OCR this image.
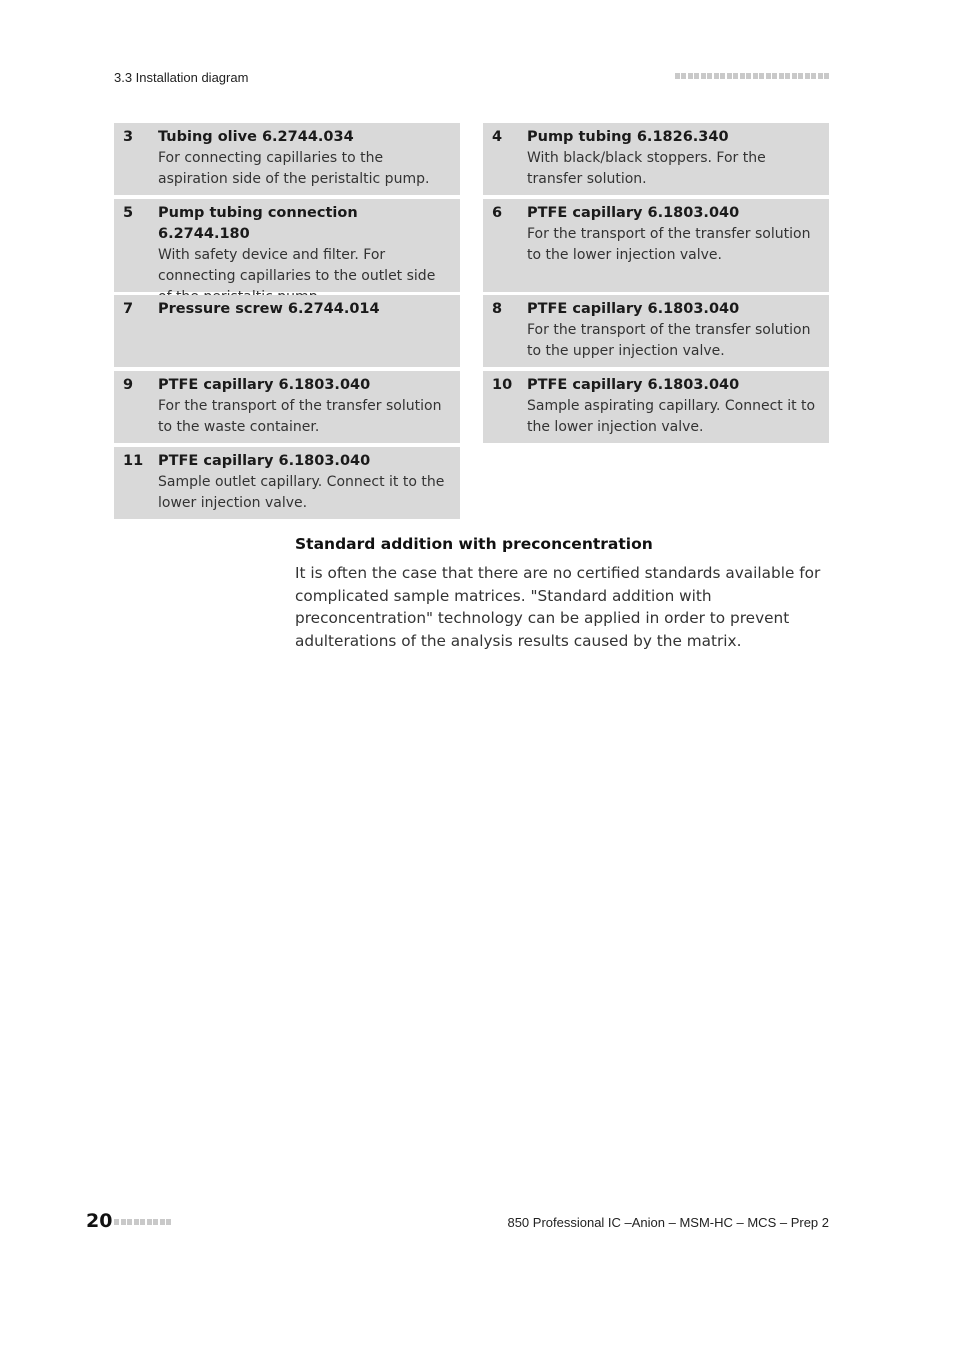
3.3 Installation diagram
3 Tubing olive 6.2744.034
For connecting capillaries to the aspiration side of the peristaltic pump.
4 Pump tubing 6.1826.340
With black/black stoppers. For the transfer solution.
5 Pump tubing connection 6.2744.180
With safety device and filter. For connecting capillaries to the outlet side
6 PTFE capillary 6.1803.040
For the transport of the transfer solution to the lower injection valve.
7 Pressure screw 6.2744.014	8 PTFE capillary 6.1803.040
For the transport of the transfer solution to the upper injection valve.
9 PTFE capillary 6.1803.040
For the transport of the transfer solution to the waste container.
10 PTFE capillary 6.1803.040
Sample aspirating capillary. Connect it to the lower injection valve.
11 PTFE capillary 6.1803.040
Sample outlet capillary. Connect it to the lower injection valve.
Standard addition with preconcentration
It is often the case that there are no certified standards available for complicated sample matrices. "Standard addition with preconcentration" technology can be applied in order to prevent adulterations of the analysis results caused by the matrix.
20	850 Professional IC –Anion – MSM-HC – MCS – Prep 2
